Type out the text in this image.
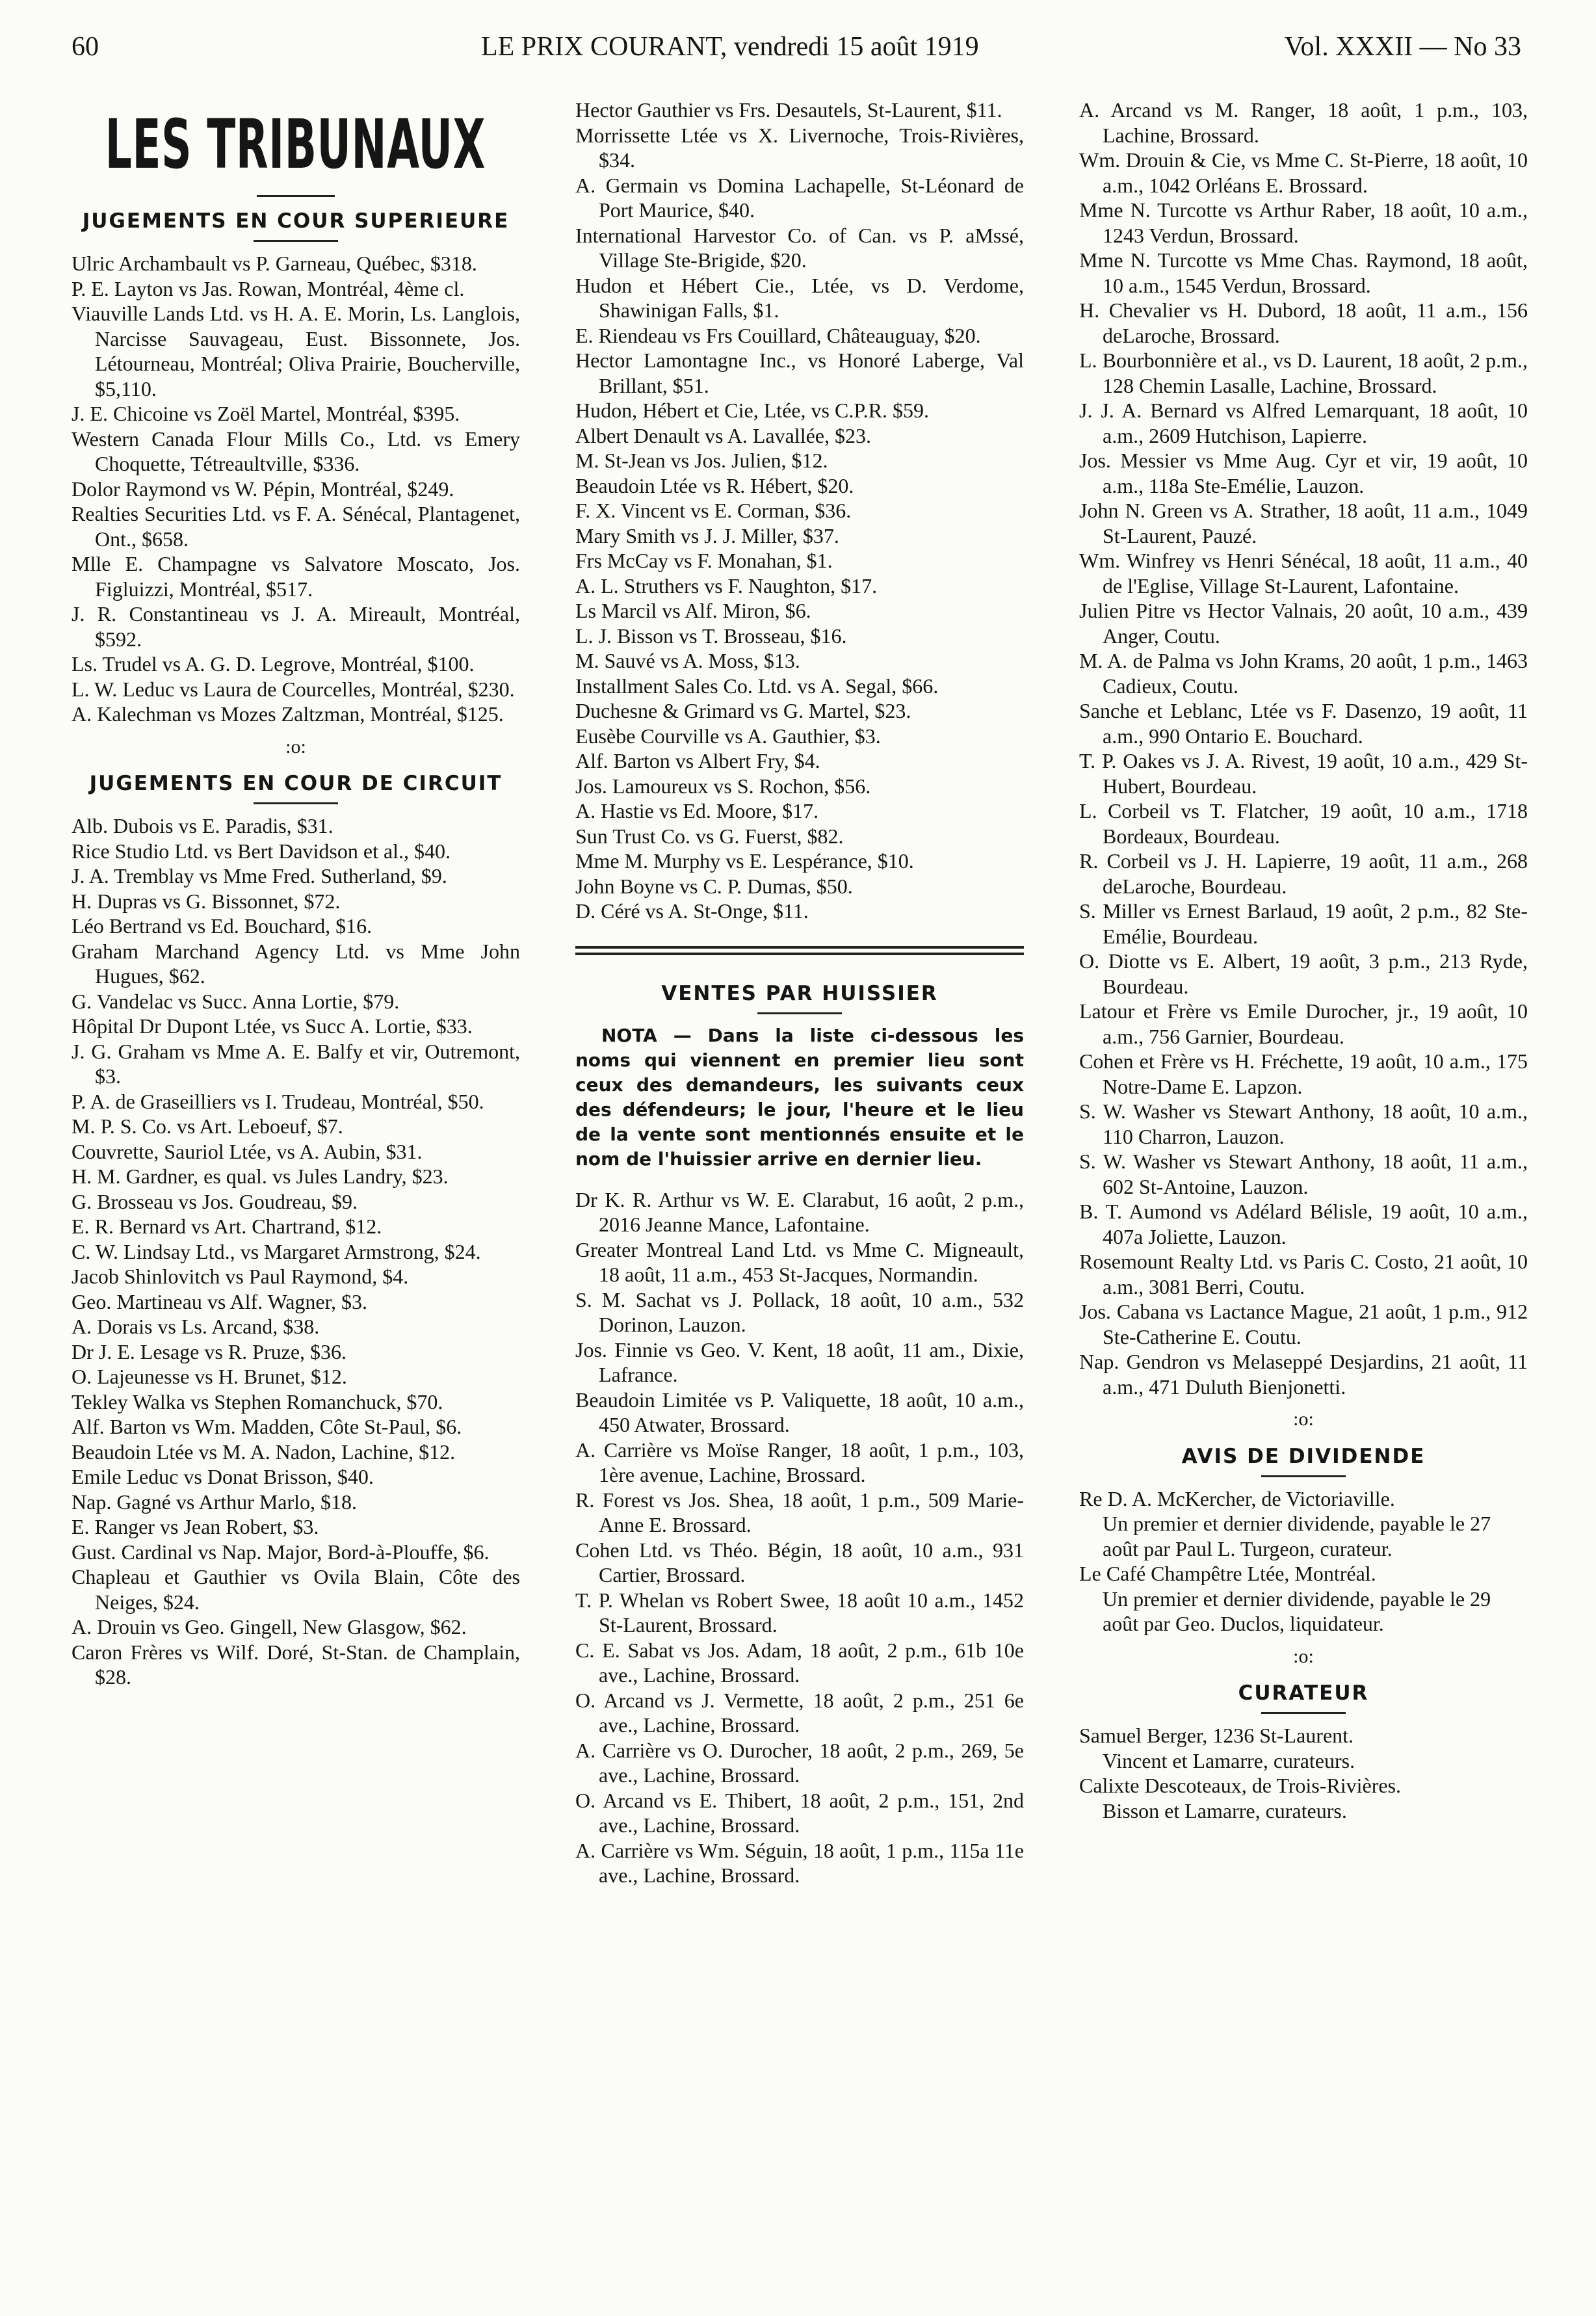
60	LE PRIX COURANT, vendredi 15 août 1919	Vol. XXXII — No 33
LES TRIBUNAUX
JUGEMENTS EN COUR SUPERIEURE

Ulric Archambault vs P. Garneau, Québec, $318.

P. E. Layton vs Jas. Rowan, Montréal, 4ème cl.

Viauville Lands Ltd. vs H. A. E. Morin, Ls. Langlois, Narcisse Sauvageau, Eust. Bissonnete, Jos. Létourneau, Montréal; Oliva Prairie, Boucherville, $5,110.

J. E. Chicoine vs Zoël Martel, Montréal, $395.

Western Canada Flour Mills Co., Ltd. vs Emery Choquette, Tétreaultville, $336.

Dolor Raymond vs W. Pépin, Montréal, $249.

Realties Securities Ltd. vs F. A. Sénécal, Plantagenet, Ont., $658.

Mlle E. Champagne vs Salvatore Moscato, Jos. Figluizzi, Montréal, $517.

J. R. Constantineau vs J. A. Mireault, Montréal, $592.

Ls. Trudel vs A. G. D. Legrove, Montréal, $100.

L. W. Leduc vs Laura de Courcelles, Montréal, $230.

A. Kalechman vs Mozes Zaltzman, Montréal, $125.

:o:
JUGEMENTS EN COUR DE CIRCUIT

Alb. Dubois vs E. Paradis, $31.

Rice Studio Ltd. vs Bert Davidson et al., $40.

J. A. Tremblay vs Mme Fred. Sutherland, $9.

H. Dupras vs G. Bissonnet, $72.

Léo Bertrand vs Ed. Bouchard, $16.

Graham Marchand Agency Ltd. vs Mme John Hugues, $62.

G. Vandelac vs Succ. Anna Lortie, $79.

Hôpital Dr Dupont Ltée, vs Succ A. Lortie, $33.

J. G. Graham vs Mme A. E. Balfy et vir, Outremont, $3.

P. A. de Graseilliers vs I. Trudeau, Montréal, $50.

M. P. S. Co. vs Art. Leboeuf, $7.

Couvrette, Sauriol Ltée, vs A. Aubin, $31.

H. M. Gardner, es qual. vs Jules Landry, $23.

G. Brosseau vs Jos. Goudreau, $9.

E. R. Bernard vs Art. Chartrand, $12.

C. W. Lindsay Ltd., vs Margaret Armstrong, $24.

Jacob Shinlovitch vs Paul Raymond, $4.

Geo. Martineau vs Alf. Wagner, $3.

A. Dorais vs Ls. Arcand, $38.

Dr J. E. Lesage vs R. Pruze, $36.

O. Lajeunesse vs H. Brunet, $12.

Tekley Walka vs Stephen Romanchuck, $70.

Alf. Barton vs Wm. Madden, Côte St-Paul, $6.

Beaudoin Ltée vs M. A. Nadon, Lachine, $12.

Emile Leduc vs Donat Brisson, $40.

Nap. Gagné vs Arthur Marlo, $18.

E. Ranger vs Jean Robert, $3.

Gust. Cardinal vs Nap. Major, Bord-à-Plouffe, $6.

Chapleau et Gauthier vs Ovila Blain, Côte des Neiges, $24.

A. Drouin vs Geo. Gingell, New Glasgow, $62.

Caron Frères vs Wilf. Doré, St-Stan. de Champlain, $28.

Hector Gauthier vs Frs. Desautels, St-Laurent, $11.

Morrissette Ltée vs X. Livernoche, Trois-Rivières, $34.

A. Germain vs Domina Lachapelle, St-Léonard de Port Maurice, $40.

International Harvestor Co. of Can. vs P. aMssé, Village Ste-Brigide, $20.

Hudon et Hébert Cie., Ltée, vs D. Verdome, Shawinigan Falls, $1.

E. Riendeau vs Frs Couillard, Châteauguay, $20.

Hector Lamontagne Inc., vs Honoré Laberge, Val Brillant, $51.

Hudon, Hébert et Cie, Ltée, vs C.P.R. $59.

Albert Denault vs A. Lavallée, $23.

M. St-Jean vs Jos. Julien, $12.

Beaudoin Ltée vs R. Hébert, $20.

F. X. Vincent vs E. Corman, $36.

Mary Smith vs J. J. Miller, $37.

Frs McCay vs F. Monahan, $1.

A. L. Struthers vs F. Naughton, $17.

Ls Marcil vs Alf. Miron, $6.

L. J. Bisson vs T. Brosseau, $16.

M. Sauvé vs A. Moss, $13.

Installment Sales Co. Ltd. vs A. Segal, $66.

Duchesne & Grimard vs G. Martel, $23.

Eusèbe Courville vs A. Gauthier, $3.

Alf. Barton vs Albert Fry, $4.

Jos. Lamoureux vs S. Rochon, $56.

A. Hastie vs Ed. Moore, $17.

Sun Trust Co. vs G. Fuerst, $82.

Mme M. Murphy vs E. Lespérance, $10.

John Boyne vs C. P. Dumas, $50.

D. Céré vs A. St-Onge, $11.

VENTES PAR HUISSIER
NOTA — Dans la liste ci-dessous les noms qui viennent en premier lieu sont ceux des demandeurs, les suivants ceux des défendeurs; le jour, l'heure et le lieu de la vente sont mentionnés ensuite et le nom de l'huissier arrive en dernier lieu.

Dr K. R. Arthur vs W. E. Clarabut, 16 août, 2 p.m., 2016 Jeanne Mance, Lafontaine.

Greater Montreal Land Ltd. vs Mme C. Migneault, 18 août, 11 a.m., 453 St-Jacques, Normandin.

S. M. Sachat vs J. Pollack, 18 août, 10 a.m., 532 Dorinon, Lauzon.

Jos. Finnie vs Geo. V. Kent, 18 août, 11 am., Dixie, Lafrance.

Beaudoin Limitée vs P. Valiquette, 18 août, 10 a.m., 450 Atwater, Brossard.

A. Carrière vs Moïse Ranger, 18 août, 1 p.m., 103, 1ère avenue, Lachine, Brossard.

R. Forest vs Jos. Shea, 18 août, 1 p.m., 509 Marie-Anne E. Brossard.

Cohen Ltd. vs Théo. Bégin, 18 août, 10 a.m., 931 Cartier, Brossard.

T. P. Whelan vs Robert Swee, 18 août 10 a.m., 1452 St-Laurent, Brossard.

C. E. Sabat vs Jos. Adam, 18 août, 2 p.m., 61b 10e ave., Lachine, Brossard.

O. Arcand vs J. Vermette, 18 août, 2 p.m., 251 6e ave., Lachine, Brossard.

A. Carrière vs O. Durocher, 18 août, 2 p.m., 269, 5e ave., Lachine, Brossard.

O. Arcand vs E. Thibert, 18 août, 2 p.m., 151, 2nd ave., Lachine, Brossard.

A. Carrière vs Wm. Séguin, 18 août, 1 p.m., 115a 11e ave., Lachine, Brossard.

A. Arcand vs M. Ranger, 18 août, 1 p.m., 103, Lachine, Brossard.

Wm. Drouin & Cie, vs Mme C. St-Pierre, 18 août, 10 a.m., 1042 Orléans E. Brossard.

Mme N. Turcotte vs Arthur Raber, 18 août, 10 a.m., 1243 Verdun, Brossard.

Mme N. Turcotte vs Mme Chas. Raymond, 18 août, 10 a.m., 1545 Verdun, Brossard.

H. Chevalier vs H. Dubord, 18 août, 11 a.m., 156 deLaroche, Brossard.

L. Bourbonnière et al., vs D. Laurent, 18 août, 2 p.m., 128 Chemin Lasalle, Lachine, Brossard.

J. J. A. Bernard vs Alfred Lemarquant, 18 août, 10 a.m., 2609 Hutchison, Lapierre.

Jos. Messier vs Mme Aug. Cyr et vir, 19 août, 10 a.m., 118a Ste-Emélie, Lauzon.

John N. Green vs A. Strather, 18 août, 11 a.m., 1049 St-Laurent, Pauzé.

Wm. Winfrey vs Henri Sénécal, 18 août, 11 a.m., 40 de l'Eglise, Village St-Laurent, Lafontaine.

Julien Pitre vs Hector Valnais, 20 août, 10 a.m., 439 Anger, Coutu.

M. A. de Palma vs John Krams, 20 août, 1 p.m., 1463 Cadieux, Coutu.

Sanche et Leblanc, Ltée vs F. Dasenzo, 19 août, 11 a.m., 990 Ontario E. Bouchard.

T. P. Oakes vs J. A. Rivest, 19 août, 10 a.m., 429 St-Hubert, Bourdeau.

L. Corbeil vs T. Flatcher, 19 août, 10 a.m., 1718 Bordeaux, Bourdeau.

R. Corbeil vs J. H. Lapierre, 19 août, 11 a.m., 268 deLaroche, Bourdeau.

S. Miller vs Ernest Barlaud, 19 août, 2 p.m., 82 Ste-Emélie, Bourdeau.

O. Diotte vs E. Albert, 19 août, 3 p.m., 213 Ryde, Bourdeau.

Latour et Frère vs Emile Durocher, jr., 19 août, 10 a.m., 756 Garnier, Bourdeau.

Cohen et Frère vs H. Fréchette, 19 août, 10 a.m., 175 Notre-Dame E. Lapzon.

S. W. Washer vs Stewart Anthony, 18 août, 10 a.m., 110 Charron, Lauzon.

S. W. Washer vs Stewart Anthony, 18 août, 11 a.m., 602 St-Antoine, Lauzon.

B. T. Aumond vs Adélard Bélisle, 19 août, 10 a.m., 407a Joliette, Lauzon.

Rosemount Realty Ltd. vs Paris C. Costo, 21 août, 10 a.m., 3081 Berri, Coutu.

Jos. Cabana vs Lactance Mague, 21 août, 1 p.m., 912 Ste-Catherine E. Coutu.

Nap. Gendron vs Melaseppé Desjardins, 21 août, 11 a.m., 471 Duluth Bienjonetti.

:o:
AVIS DE DIVIDENDE

Re D. A. McKercher, de Victoriaville.
Un premier et dernier dividende, payable le 27 août par Paul L. Turgeon, curateur.

Le Café Champêtre Ltée, Montréal.
Un premier et dernier dividende, payable le 29 août par Geo. Duclos, liquidateur.

:o:
CURATEUR

Samuel Berger, 1236 St-Laurent.
Vincent et Lamarre, curateurs.

Calixte Descoteaux, de Trois-Rivières.
Bisson et Lamarre, curateurs.
